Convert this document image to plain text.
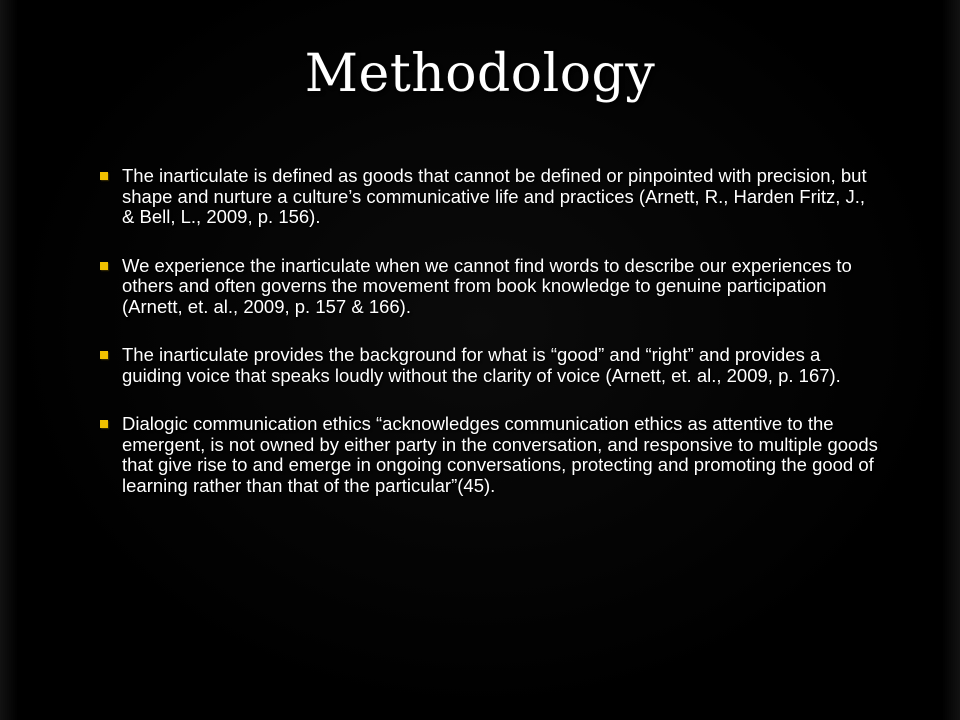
Methodology
The inarticulate is defined as goods that cannot be defined or pinpointed with precision, but shape and nurture a culture’s communicative life and practices (Arnett, R., Harden Fritz, J., & Bell, L., 2009, p. 156).
We experience the inarticulate when we cannot find words to describe our experiences to others and often governs the movement from book knowledge to genuine participation (Arnett, et. al., 2009, p. 157 & 166).
The inarticulate provides the background for what is “good” and “right” and provides a guiding voice that speaks loudly without the clarity of voice (Arnett, et. al., 2009, p. 167).
Dialogic communication ethics “acknowledges communication ethics as attentive to the emergent, is not owned by either party in the conversation, and responsive to multiple goods that give rise to and emerge in ongoing conversations, protecting and promoting the good of learning rather than that of the particular”(45).
